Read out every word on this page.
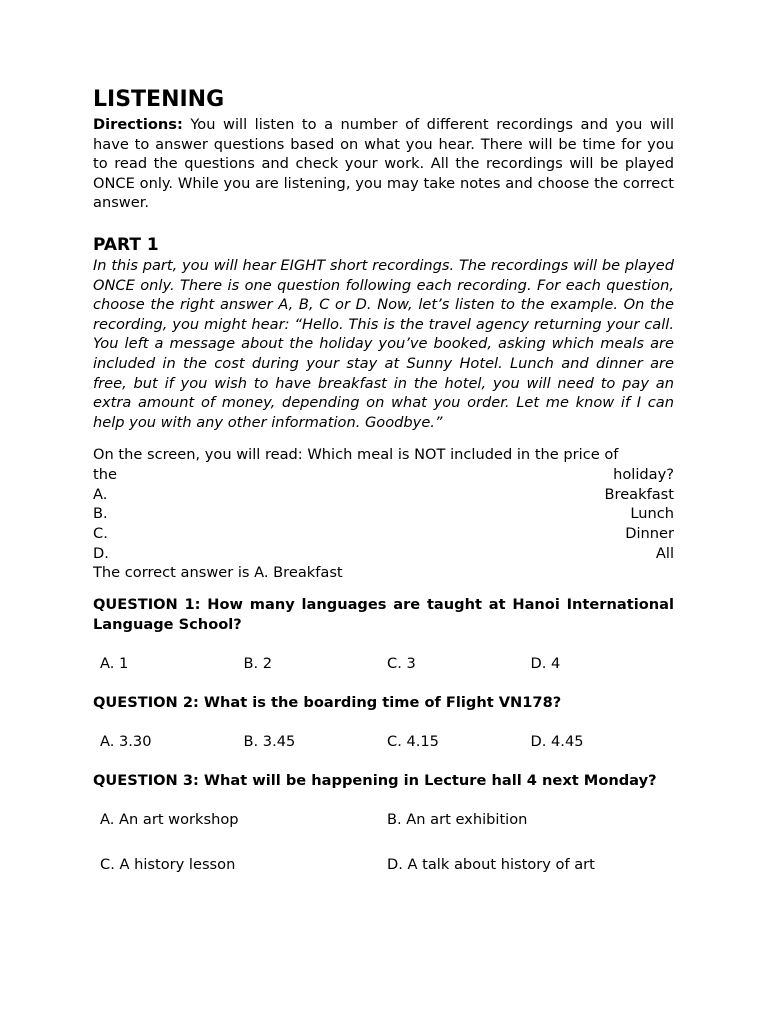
LISTENING

Directions: You will listen to a number of different recordings and you will have to answer questions based on what you hear. There will be time for you to read the questions and check your work. All the recordings will be played ONCE only. While you are listening, you may take notes and choose the correct answer.

PART 1

In this part, you will hear EIGHT short recordings. The recordings will be played ONCE only. There is one question following each recording. For each question, choose the right answer A, B, C or D. Now, let’s listen to the example. On the recording, you might hear: “Hello. This is the travel agency returning your call. You left a message about the holiday you’ve booked, asking which meals are included in the cost during your stay at Sunny Hotel. Lunch and dinner are free, but if you wish to have breakfast in the hotel, you will need to pay an extra amount of money, depending on what you order. Let me know if I can help you with any other information. Goodbye.”

On the screen, you will read: Which meal is NOT included in the price of

the	holiday?
A.	Breakfast
B.	Lunch
C.	Dinner
D.	All

The correct answer is A. Breakfast

QUESTION 1: How many languages are taught at Hanoi International Language School?

A. 1	B. 2	C. 3	D. 4

QUESTION 2: What is the boarding time of Flight VN178?

A. 3.30	B. 3.45	C. 4.15	D. 4.45

QUESTION 3: What will be happening in Lecture hall 4 next Monday?

A. An art workshop	B. An art exhibition
C. A history lesson	D. A talk about history of art
